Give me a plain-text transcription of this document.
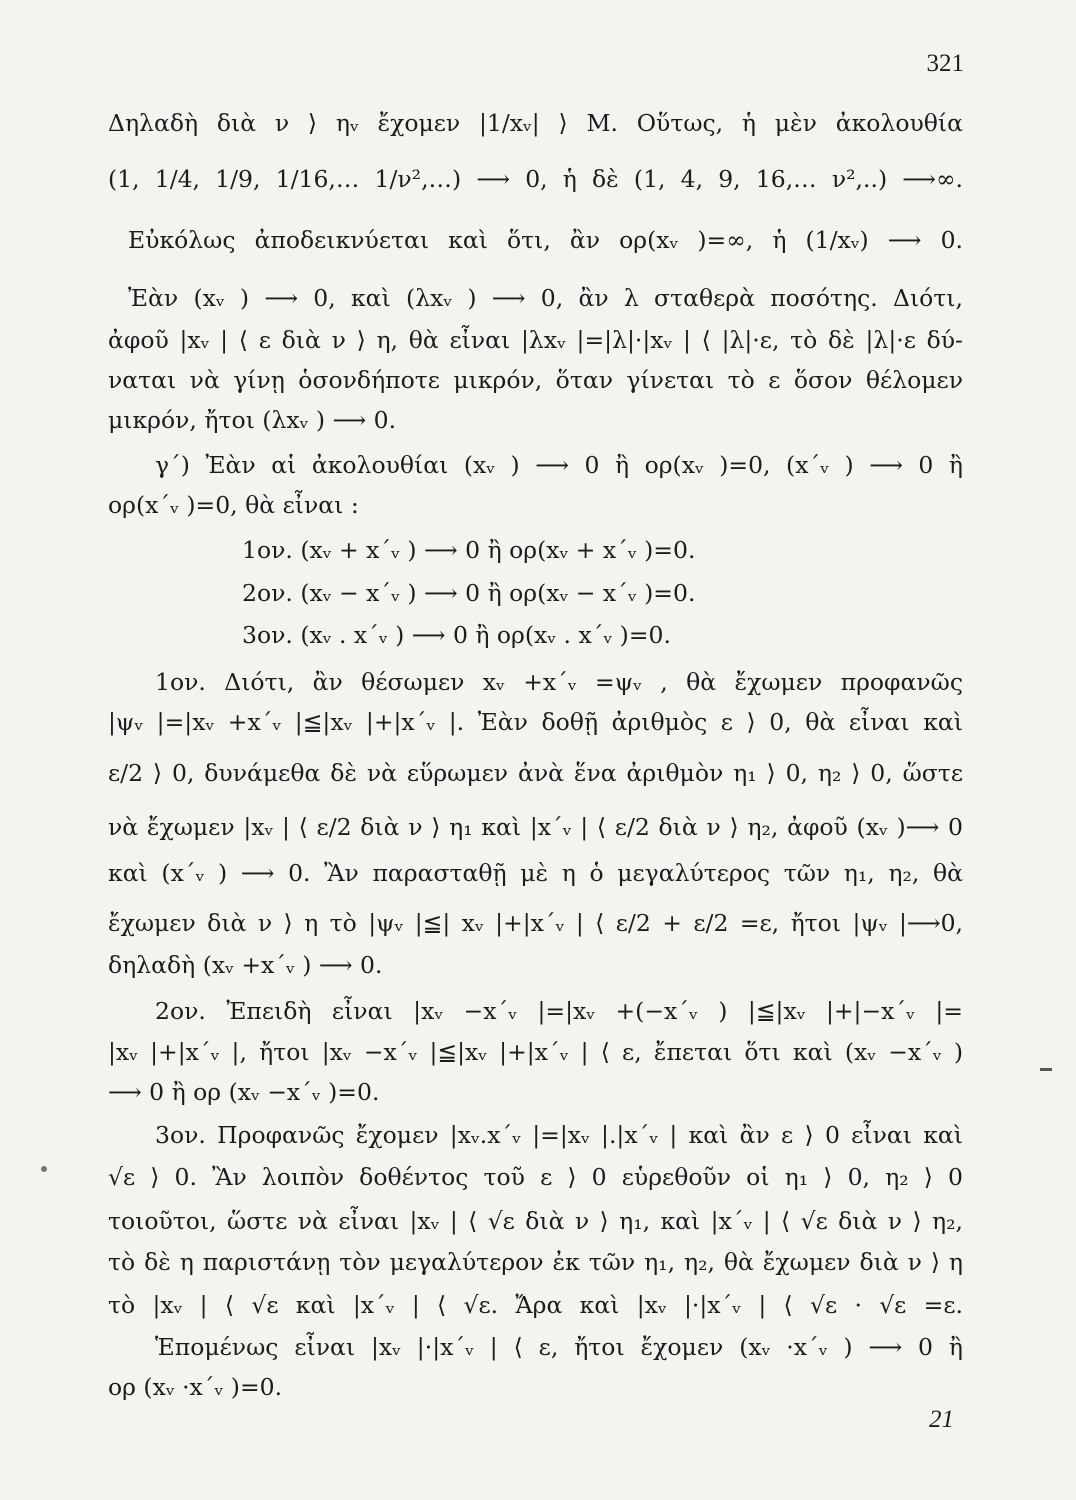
321
Δηλαδὴ διὰ ν ⟩ ηᵥ ἔχομεν |1/xᵥ| ⟩ Μ. Οὕτως, ἡ μὲν ἀκολουθία
(1, 1/4, 1/9, 1/16,… 1/ν²,…) ⟶ 0, ἡ δὲ (1, 4, 9, 16,… ν²,..) ⟶∞.
Εὐκόλως ἀποδεικνύεται καὶ ὅτι, ἂν ορ(xᵥ )=∞, ἡ (1/xᵥ) ⟶ 0.
Ἐὰν (xᵥ ) ⟶ 0, καὶ (λxᵥ ) ⟶ 0, ἂν λ σταθερὰ ποσότης. Διότι,
ἀφοῦ |xᵥ | ⟨ ε διὰ ν ⟩ η, θὰ εἶναι |λxᵥ |=|λ|·|xᵥ | ⟨ |λ|·ε, τὸ δὲ |λ|·ε δύ-
ναται νὰ γίνῃ ὁσονδήποτε μικρόν, ὅταν γίνεται τὸ ε ὅσον θέλομεν
μικρόν, ἤτοι (λxᵥ ) ⟶ 0.
γ΄) Ἐὰν αἱ ἀκολουθίαι (xᵥ ) ⟶ 0 ἢ ορ(xᵥ )=0, (x΄ᵥ ) ⟶ 0 ἢ
ορ(x΄ᵥ )=0, θὰ εἶναι :
1ον. (xᵥ + x΄ᵥ ) ⟶ 0 ἢ ορ(xᵥ + x΄ᵥ )=0.
2ον. (xᵥ − x΄ᵥ ) ⟶ 0 ἢ ορ(xᵥ − x΄ᵥ )=0.
3ον. (xᵥ . x΄ᵥ ) ⟶ 0 ἢ ορ(xᵥ . x΄ᵥ )=0.
1ον. Διότι, ἂν θέσωμεν xᵥ +x΄ᵥ =ψᵥ , θὰ ἔχωμεν προφανῶς
|ψᵥ |=|xᵥ +x΄ᵥ |≦|xᵥ |+|x΄ᵥ |. Ἐὰν δοθῇ ἀριθμὸς ε ⟩ 0, θὰ εἶναι καὶ
ε/2 ⟩ 0, δυνάμεθα δὲ νὰ εὕρωμεν ἀνὰ ἕνα ἀριθμὸν η₁ ⟩ 0, η₂ ⟩ 0, ὥστε
νὰ ἔχωμεν |xᵥ | ⟨ ε/2 διὰ ν ⟩ η₁ καὶ |x΄ᵥ | ⟨ ε/2 διὰ ν ⟩ η₂, ἀφοῦ (xᵥ )⟶ 0
καὶ (x΄ᵥ ) ⟶ 0. Ἂν παρασταθῇ μὲ η ὁ μεγαλύτερος τῶν η₁, η₂, θὰ
ἔχωμεν διὰ ν ⟩ η τὸ |ψᵥ |≦| xᵥ |+|x΄ᵥ | ⟨ ε/2 + ε/2 =ε, ἤτοι |ψᵥ |⟶0,
δηλαδὴ (xᵥ +x΄ᵥ ) ⟶ 0.
2ον. Ἐπειδὴ εἶναι |xᵥ −x΄ᵥ |=|xᵥ +(−x΄ᵥ ) |≦|xᵥ |+|−x΄ᵥ |=
|xᵥ |+|x΄ᵥ |, ἤτοι |xᵥ −x΄ᵥ |≦|xᵥ |+|x΄ᵥ | ⟨ ε, ἔπεται ὅτι καὶ (xᵥ −x΄ᵥ )
⟶ 0 ἢ ορ (xᵥ −x΄ᵥ )=0.
3ον. Προφανῶς ἔχομεν |xᵥ.x΄ᵥ |=|xᵥ |.|x΄ᵥ | καὶ ἂν ε ⟩ 0 εἶναι καὶ
√ε ⟩ 0. Ἂν λοιπὸν δοθέντος τοῦ ε ⟩ 0 εὑρεθοῦν οἱ η₁ ⟩ 0, η₂ ⟩ 0
τοιοῦτοι, ὥστε νὰ εἶναι |xᵥ | ⟨ √ε διὰ ν ⟩ η₁, καὶ |x΄ᵥ | ⟨ √ε διὰ ν ⟩ η₂,
τὸ δὲ η παριστάνῃ τὸν μεγαλύτερον ἐκ τῶν η₁, η₂, θὰ ἔχωμεν διὰ ν ⟩ η
τὸ |xᵥ | ⟨ √ε καὶ |x΄ᵥ | ⟨ √ε. Ἄρα καὶ |xᵥ |·|x΄ᵥ | ⟨ √ε · √ε =ε.
Ἑπομένως εἶναι |xᵥ |·|x΄ᵥ | ⟨ ε, ἤτοι ἔχομεν (xᵥ ·x΄ᵥ ) ⟶ 0 ἢ
ορ (xᵥ ·x΄ᵥ )=0.
21
